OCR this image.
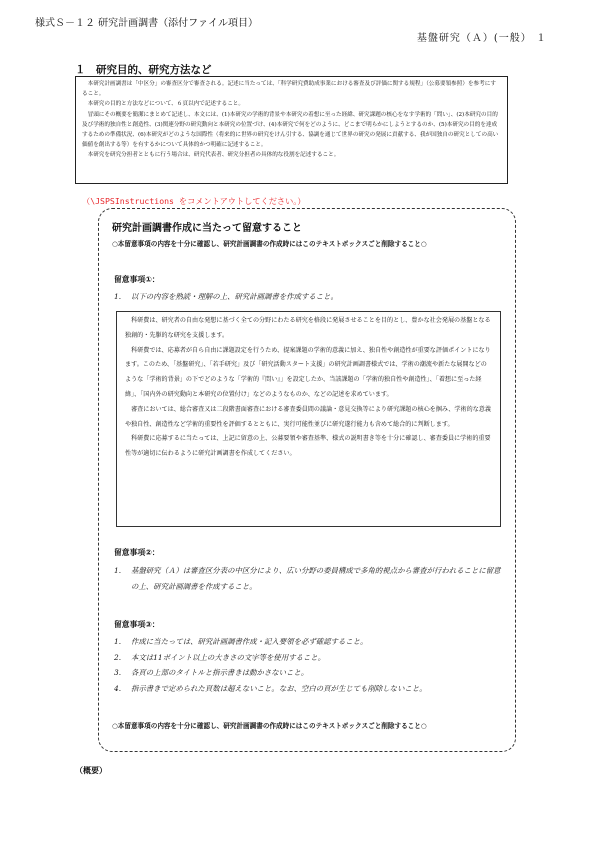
様式Ｓ－１２ 研究計画調書（添付ファイル項目）
基盤研究（Ａ）(一般） １
１　研究目的、研究方法など

本研究計画調書は「中区分」の審査区分で審査される。記述に当たっては、「科学研究費助成事業における審査及び評価に関する規程」（公募要領参照）を参考にすること。

本研究の目的と方法などについて、６頁以内で記述すること。

冒頭にその概要を簡潔にまとめて記述し、本文には、(1)本研究の学術的背景や本研究の着想に至った経緯、研究課題の核心をなす学術的「問い」、(2)本研究の目的及び学術的独自性と創造性、(3)関連分野の研究動向と本研究の位置づけ、(4)本研究で何をどのように、どこまで明らかにしようとするのか、(5)本研究の目的を達成するための準備状況、(6)本研究がどのような国際性（将来的に世界の研究をけん引する、協調を通じて世界の研究の発展に貢献する、我が国独自の研究としての高い価値を創出する等）を有するかについて具体的かつ明確に記述すること。

本研究を研究分担者とともに行う場合は、研究代表者、研究分担者の具体的な役割を記述すること。

（\JSPSInstructions をコメントアウトしてください。）
研究計画調書作成に当たって留意すること
○本留意事項の内容を十分に確認し、研究計画調書の作成時にはこのテキストボックスごと削除すること○
留意事項①：
1. 以下の内容を熟読・理解の上、研究計画調書を作成すること。

科研費は、研究者の自由な発想に基づく全ての分野にわたる研究を格段に発展させることを目的とし、豊かな社会発展の基盤となる独創的・先駆的な研究を支援します。

科研費では、応募者が自ら自由に課題設定を行うため、提案課題の学術的意義に加え、独自性や創造性が重要な評価ポイントになります。このため、「基盤研究」、「若手研究」及び「研究活動スタート支援」の研究計画調書様式では、学術の潮流や新たな展開などのような「学術的背景」の下でどのような「学術的『問い』」を設定したか、当該課題の「学術的独自性や創造性」、「着想に至った経緯」、「国内外の研究動向と本研究の位置付け」などのようなものか、などの記述を求めています。

審査においては、総合審査又は二段階書面審査における審査委員間の議論・意見交換等により研究課題の核心を掴み、学術的な意義や独自性、創造性など学術的重要性を評価するとともに、実行可能性並びに研究遂行能力も含めて総合的に判断します。

科研費に応募するに当たっては、上記に留意の上、公募要領や審査基準、様式の説明書き等を十分に確認し、審査委員に学術的重要性等が適切に伝わるように研究計画調書を作成してください。

留意事項②：
1. 基盤研究（Ａ）は審査区分表の中区分により、広い分野の委員構成で多角的視点から審査が行われることに留意の上、研究計画調書を作成すること。
留意事項③：
1. 作成に当たっては、研究計画調書作成・記入要領を必ず確認すること。
2. 本文は11ポイント以上の大きさの文字等を使用すること。
3. 各頁の上部のタイトルと指示書きは動かさないこと。
4. 指示書きで定められた頁数は超えないこと。なお、空白の頁が生じても削除しないこと。
○本留意事項の内容を十分に確認し、研究計画調書の作成時にはこのテキストボックスごと削除すること○
（概要）
